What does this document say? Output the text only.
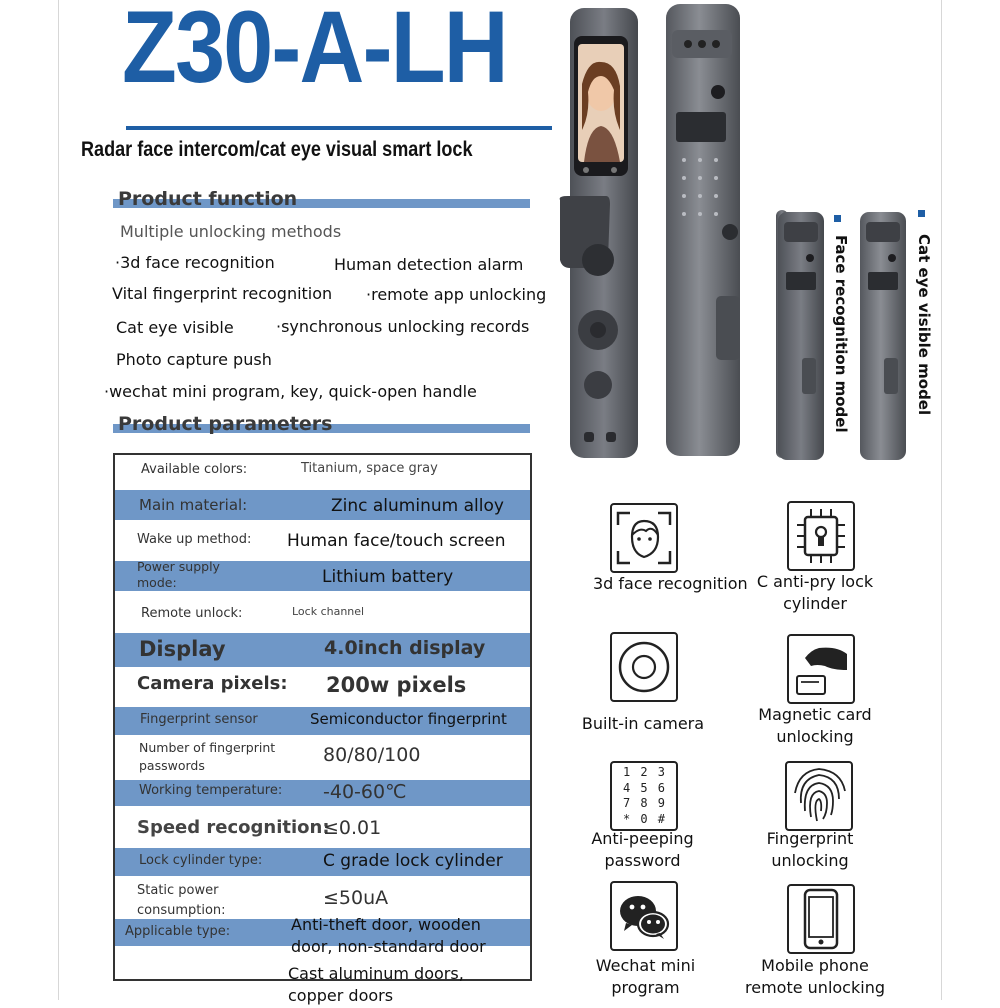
Z30-A-LH
Radar face intercom/cat eye visual smart lock
Product function
Multiple unlocking methods
·3d face recognition	Human detection alarm
Vital fingerprint recognition ·remote app unlocking
Cat eye visible	·synchronous unlocking records
Photo capture push
·wechat mini program, key, quick-open handle
Product parameters
Available colors:	Titanium, space gray
Main material:	Zinc aluminum alloy
Wake up method: Human face/touch screen
Power supply mode:	Lithium battery
Remote unlock:	Lock channel
Display	4.0inch display
Camera pixels: 200w pixels
Fingerprint sensor	Semiconductor fingerprint
Number of fingerprint passwords	80/80/100
Working temperature: -40-60℃
Speed recognition:
≤0.01
Lock cylinder type:	C grade lock cylinder
Static power consumption:
≤50uA
Applicable type:	Anti-theft door, wooden door, non-standard door
Cast aluminum doors, copper doors
Face recognition model	Cat eye visible model
3d face recognition C anti-pry lock cylinder
Built-in camera	Magnetic card unlocking
1 2 3
4 5 6
7 8 9
* 0 #
Anti-peeping password
Fingerprint unlocking
Wechat mini program
Mobile phone remote unlocking
